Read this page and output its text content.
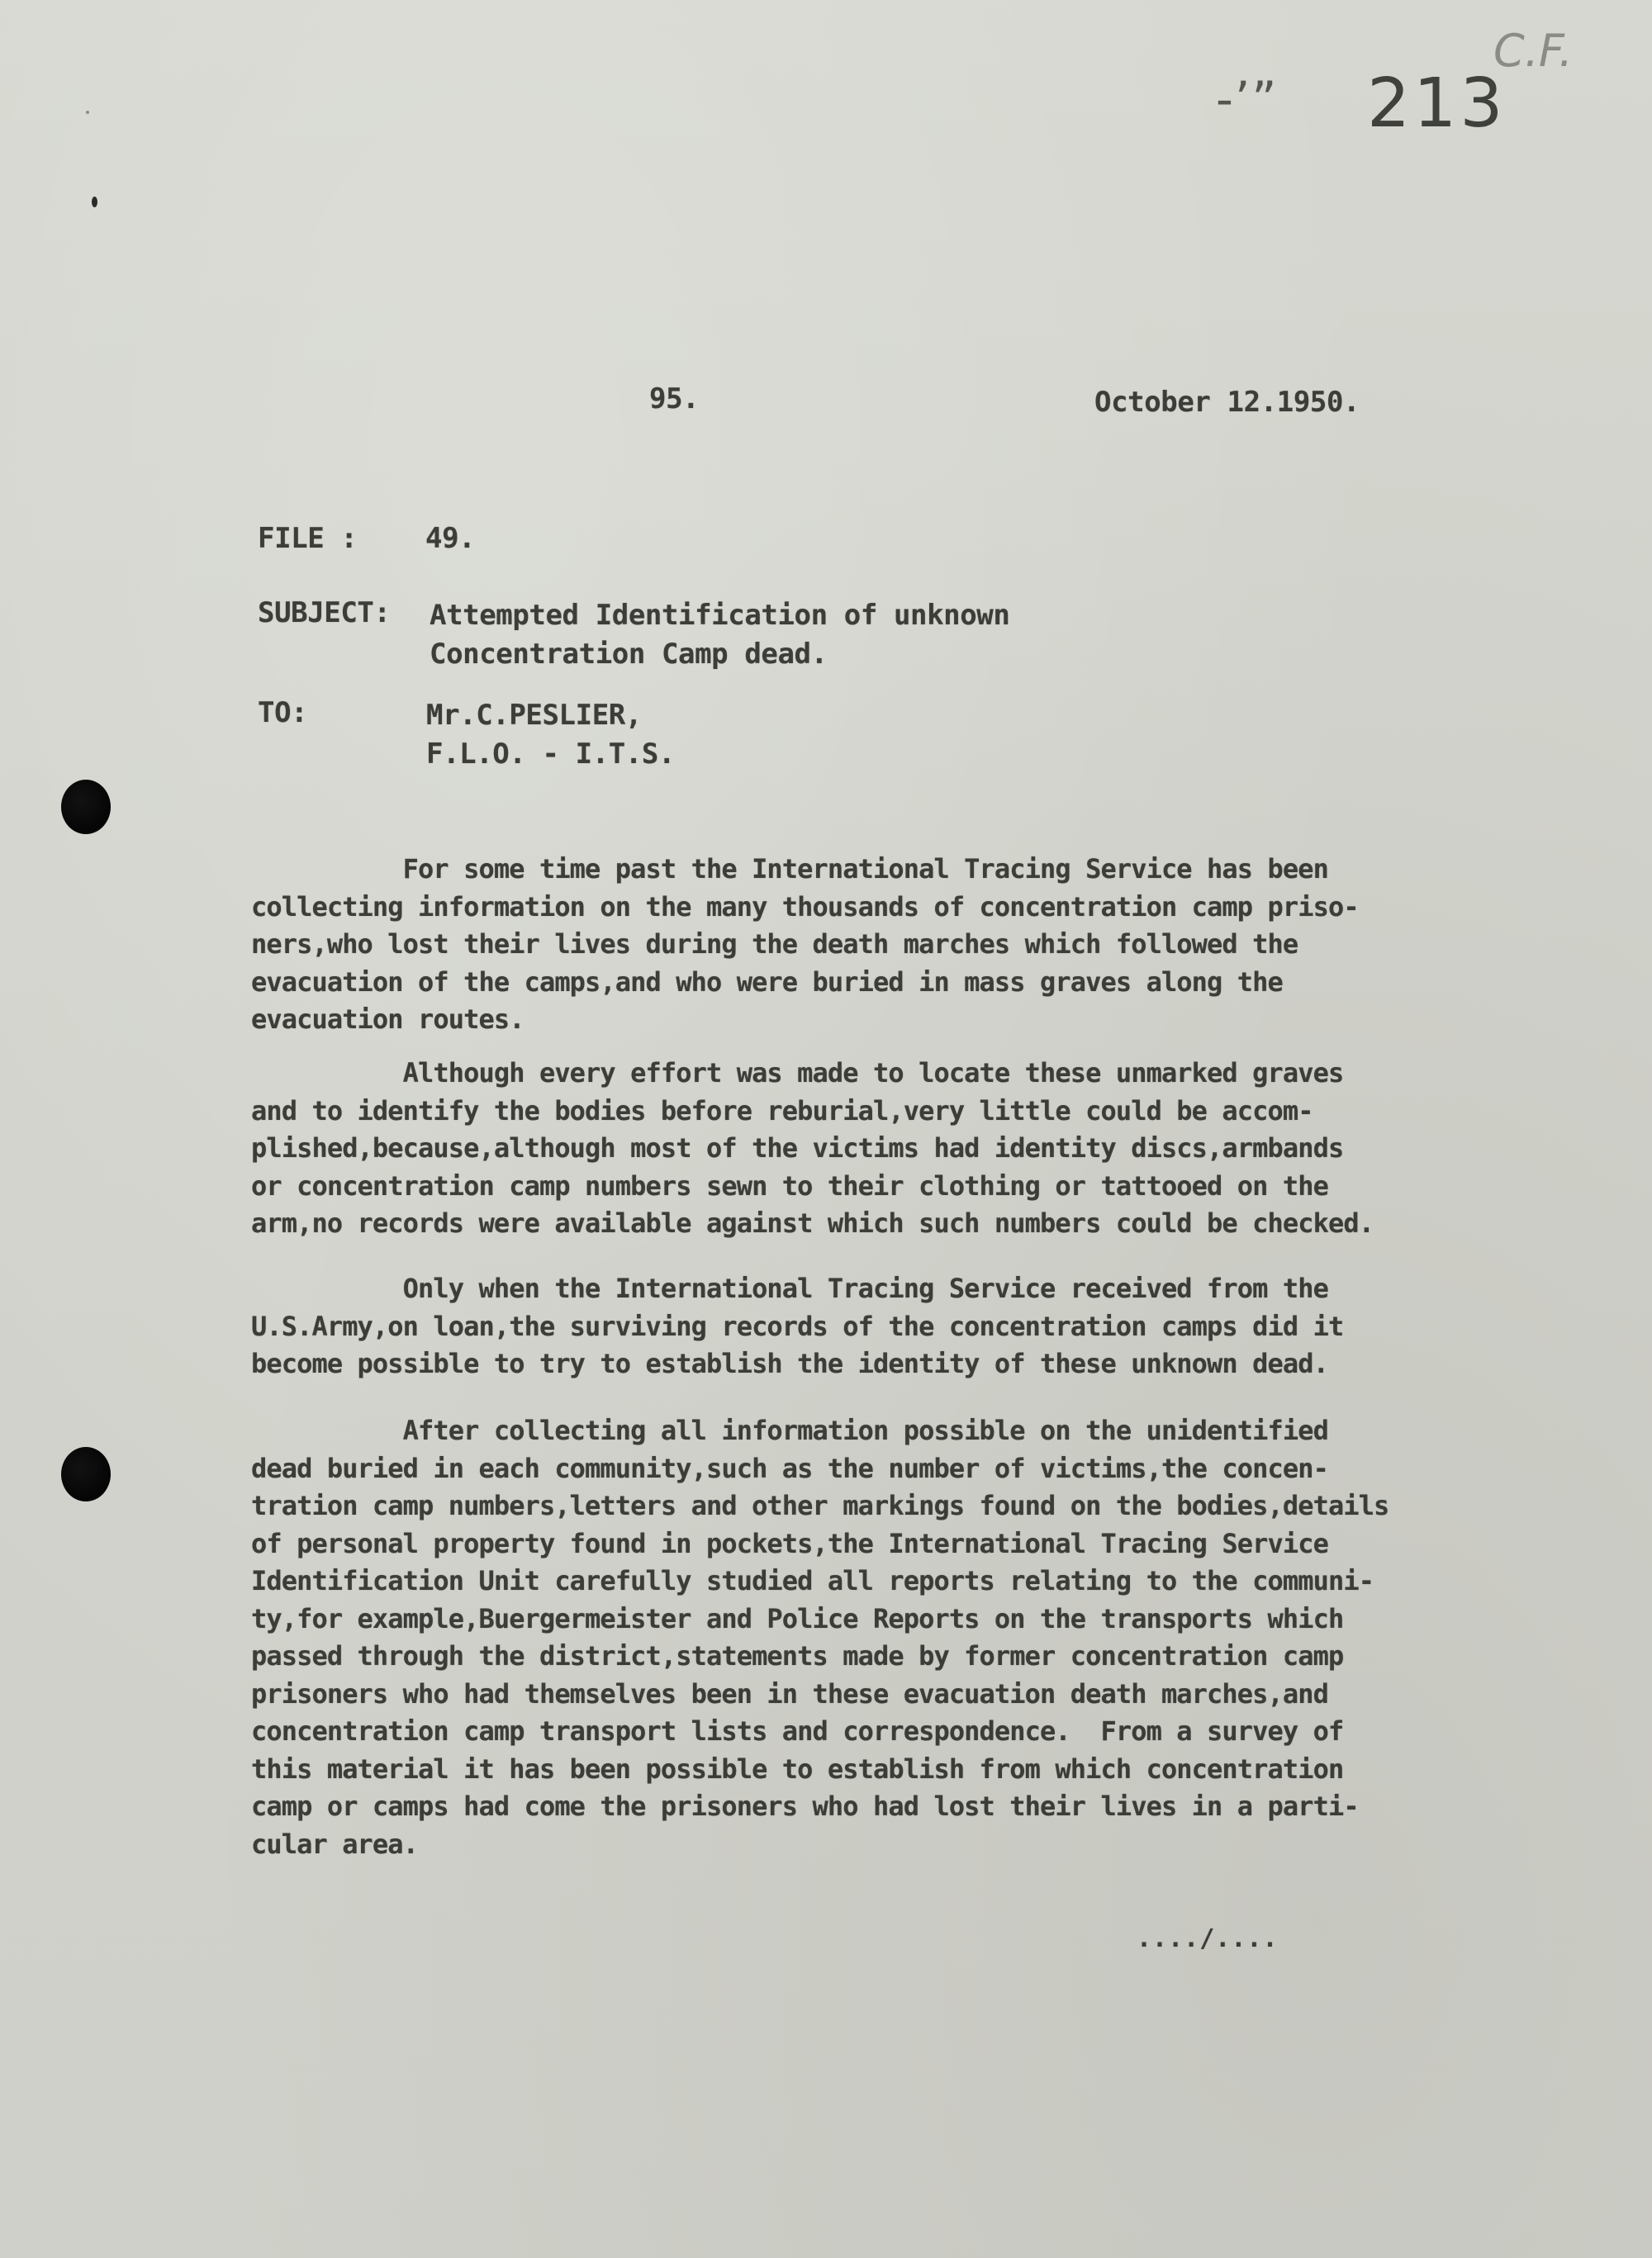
C.F.
-’” 213

95.	October 12.1950.

FILE : 49.

SUBJECT: Attempted Identification of unknown
Concentration Camp dead.

TO:	Mr.C.PESLIER,
F.L.O. - I.T.S.

For some time past the International Tracing Service has been
collecting information on the many thousands of concentration camp priso-
ners,who lost their lives during the death marches which followed the
evacuation of the camps,and who were buried in mass graves along the
evacuation routes.

Although every effort was made to locate these unmarked graves
and to identify the bodies before reburial,very little could be accom-
plished,because,although most of the victims had identity discs,armbands
or concentration camp numbers sewn to their clothing or tattooed on the
arm,no records were available against which such numbers could be checked.

Only when the International Tracing Service received from the
U.S.Army,on loan,the surviving records of the concentration camps did it
become possible to try to establish the identity of these unknown dead.

After collecting all information possible on the unidentified
dead buried in each community,such as the number of victims,the concen-
tration camp numbers,letters and other markings found on the bodies,details
of personal property found in pockets,the International Tracing Service
Identification Unit carefully studied all reports relating to the communi-
ty,for example,Buergermeister and Police Reports on the transports which
passed through the district,statements made by former concentration camp
prisoners who had themselves been in these evacuation death marches,and
concentration camp transport lists and correspondence.  From a survey of
this material it has been possible to establish from which concentration
camp or camps had come the prisoners who had lost their lives in a parti-
cular area.

..../....
